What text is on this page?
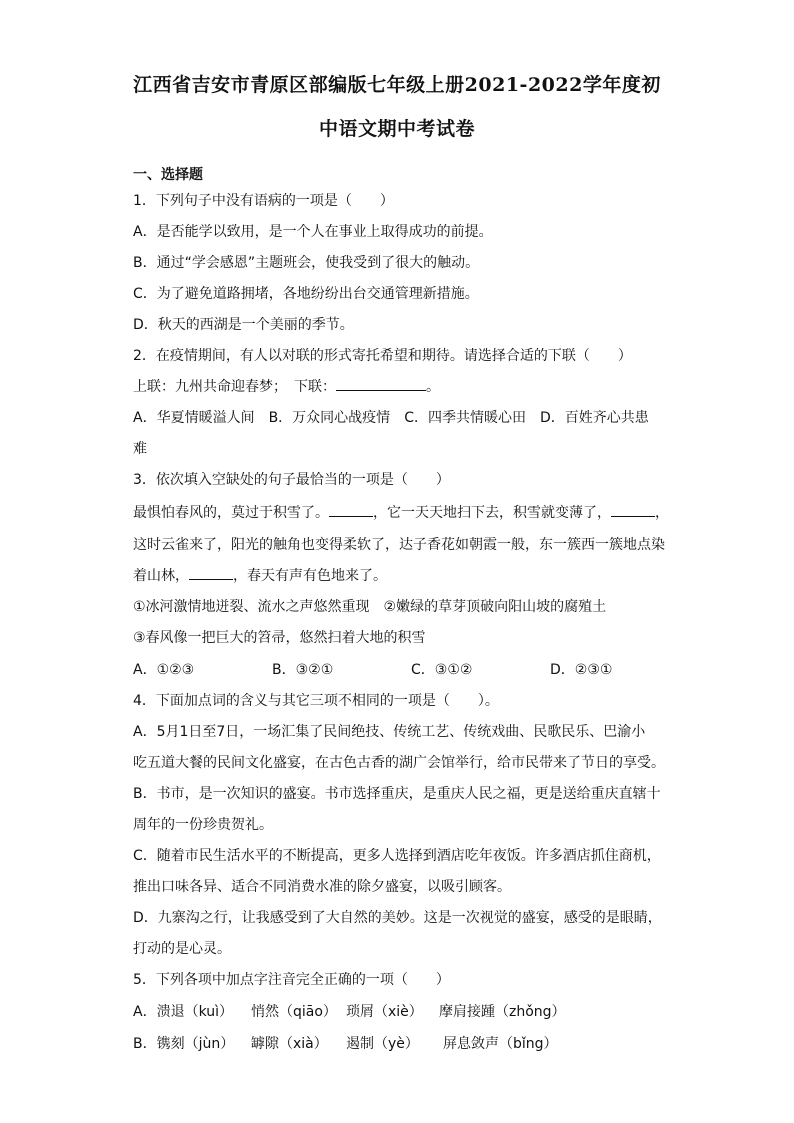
江西省吉安市青原区部编版七年级上册2021-2022学年度初
中语文期中考试卷
一、选择题
1．下列句子中没有语病的一项是（　　）
A．是否能学以致用，是一个人在事业上取得成功的前提。
B．通过“学会感恩”主题班会，使我受到了很大的触动。
C．为了避免道路拥堵，各地纷纷出台交通管理新措施。
D．秋天的西湖是一个美丽的季节。
2．在疫情期间，有人以对联的形式寄托希望和期待。请选择合适的下联（　　）
上联：九州共命迎春梦；　下联：	。
A．华夏情暖溢人间 B．万众同心战疫情 C．四季共情暖心田 D．百姓齐心共患
难
3．依次填入空缺处的句子最恰当的一项是（　　）
最惧怕春风的，莫过于积雪了。	，它一天天地扫下去，积雪就变薄了，	，
这时云雀来了，阳光的触角也变得柔软了，达子香花如朝霞一般，东一簇西一簇地点染
着山林，	，春天有声有色地来了。
①冰河激情地迸裂、流水之声悠然重现　②嫩绿的草芽顶破向阳山坡的腐殖土
③春风像一把巨大的笤帚，悠然扫着大地的积雪
A．①②③	B．③②①	C．③①②	D．②③①
4．下面加点词的含义与其它三项不相同的一项是（　　）。
A．5月1日至7日，一场汇集了民间绝技、传统工艺、传统戏曲、民歌民乐、巴渝小
吃五道大餐的民间文化盛宴，在古色古香的湖广会馆举行，给市民带来了节日的享受。
B．书市，是一次知识的盛宴。书市选择重庆，是重庆人民之福，更是送给重庆直辖十
周年的一份珍贵贺礼。
C．随着市民生活水平的不断提高，更多人选择到酒店吃年夜饭。许多酒店抓住商机，
推出口味各异、适合不同消费水准的除夕盛宴，以吸引顾客。
D．九寨沟之行，让我感受到了大自然的美妙。这是一次视觉的盛宴，感受的是眼睛，
打动的是心灵。
5．下列各项中加点字注音完全正确的一项（　　）
A．溃退（kuì） 悄然（qiāo） 琐屑（xiè） 摩肩接踵（zhǒng）
B．镌刻（jùn） 罅隙（xià） 遏制（yè） 屏息敛声（bǐng）
